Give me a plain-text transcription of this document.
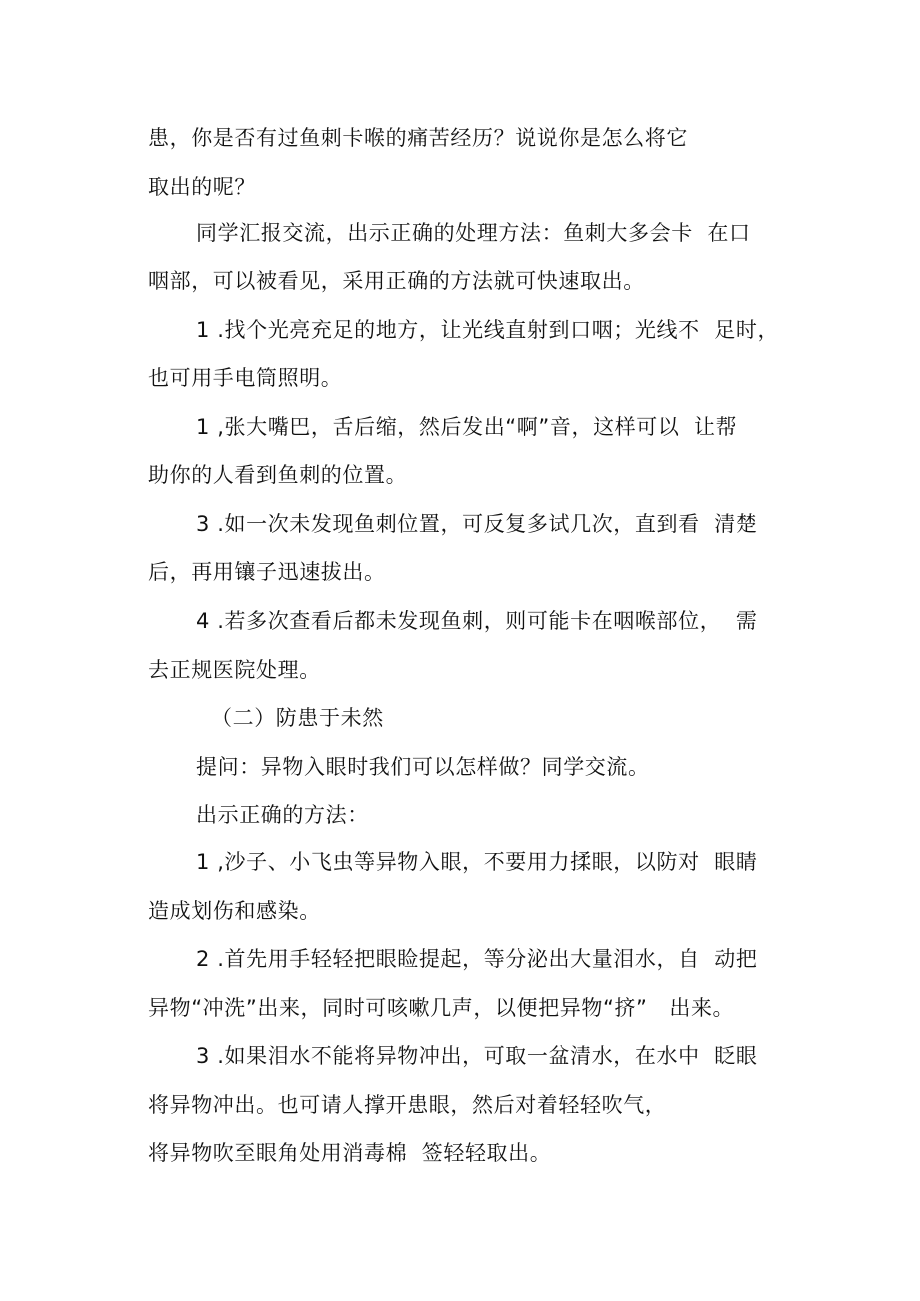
患，你是否有过鱼刺卡喉的痛苦经历？说说你是怎么将它
取出的呢？
同学汇报交流，出示正确的处理方法：鱼刺大多会卡  在口
咽部，可以被看见，采用正确的方法就可快速取出。
1 .找个光亮充足的地方，让光线直射到口咽；光线不  足时，
也可用手电筒照明。
1 ,张大嘴巴，舌后缩，然后发出“啊”音，这样可以  让帮
助你的人看到鱼刺的位置。
3 .如一次未发现鱼刺位置，可反复多试几次，直到看  清楚
后，再用镶子迅速拔出。
4 .若多次查看后都未发现鱼刺，则可能卡在咽喉部位，  需
去正规医院处理。
（二）防患于未然
提问：异物入眼时我们可以怎样做？同学交流。
出示正确的方法：
1 ,沙子、小飞虫等异物入眼，不要用力揉眼，以防对  眼睛
造成划伤和感染。
2 .首先用手轻轻把眼睑提起，等分泌出大量泪水，自  动把
异物“冲洗”出来，同时可咳嗽几声，以便把异物“挤”   出来。
3 .如果泪水不能将异物冲出，可取一盆清水，在水中  眨眼
将异物冲出。也可请人撑开患眼，然后对着轻轻吹气，
将异物吹至眼角处用消毒棉  签轻轻取出。
